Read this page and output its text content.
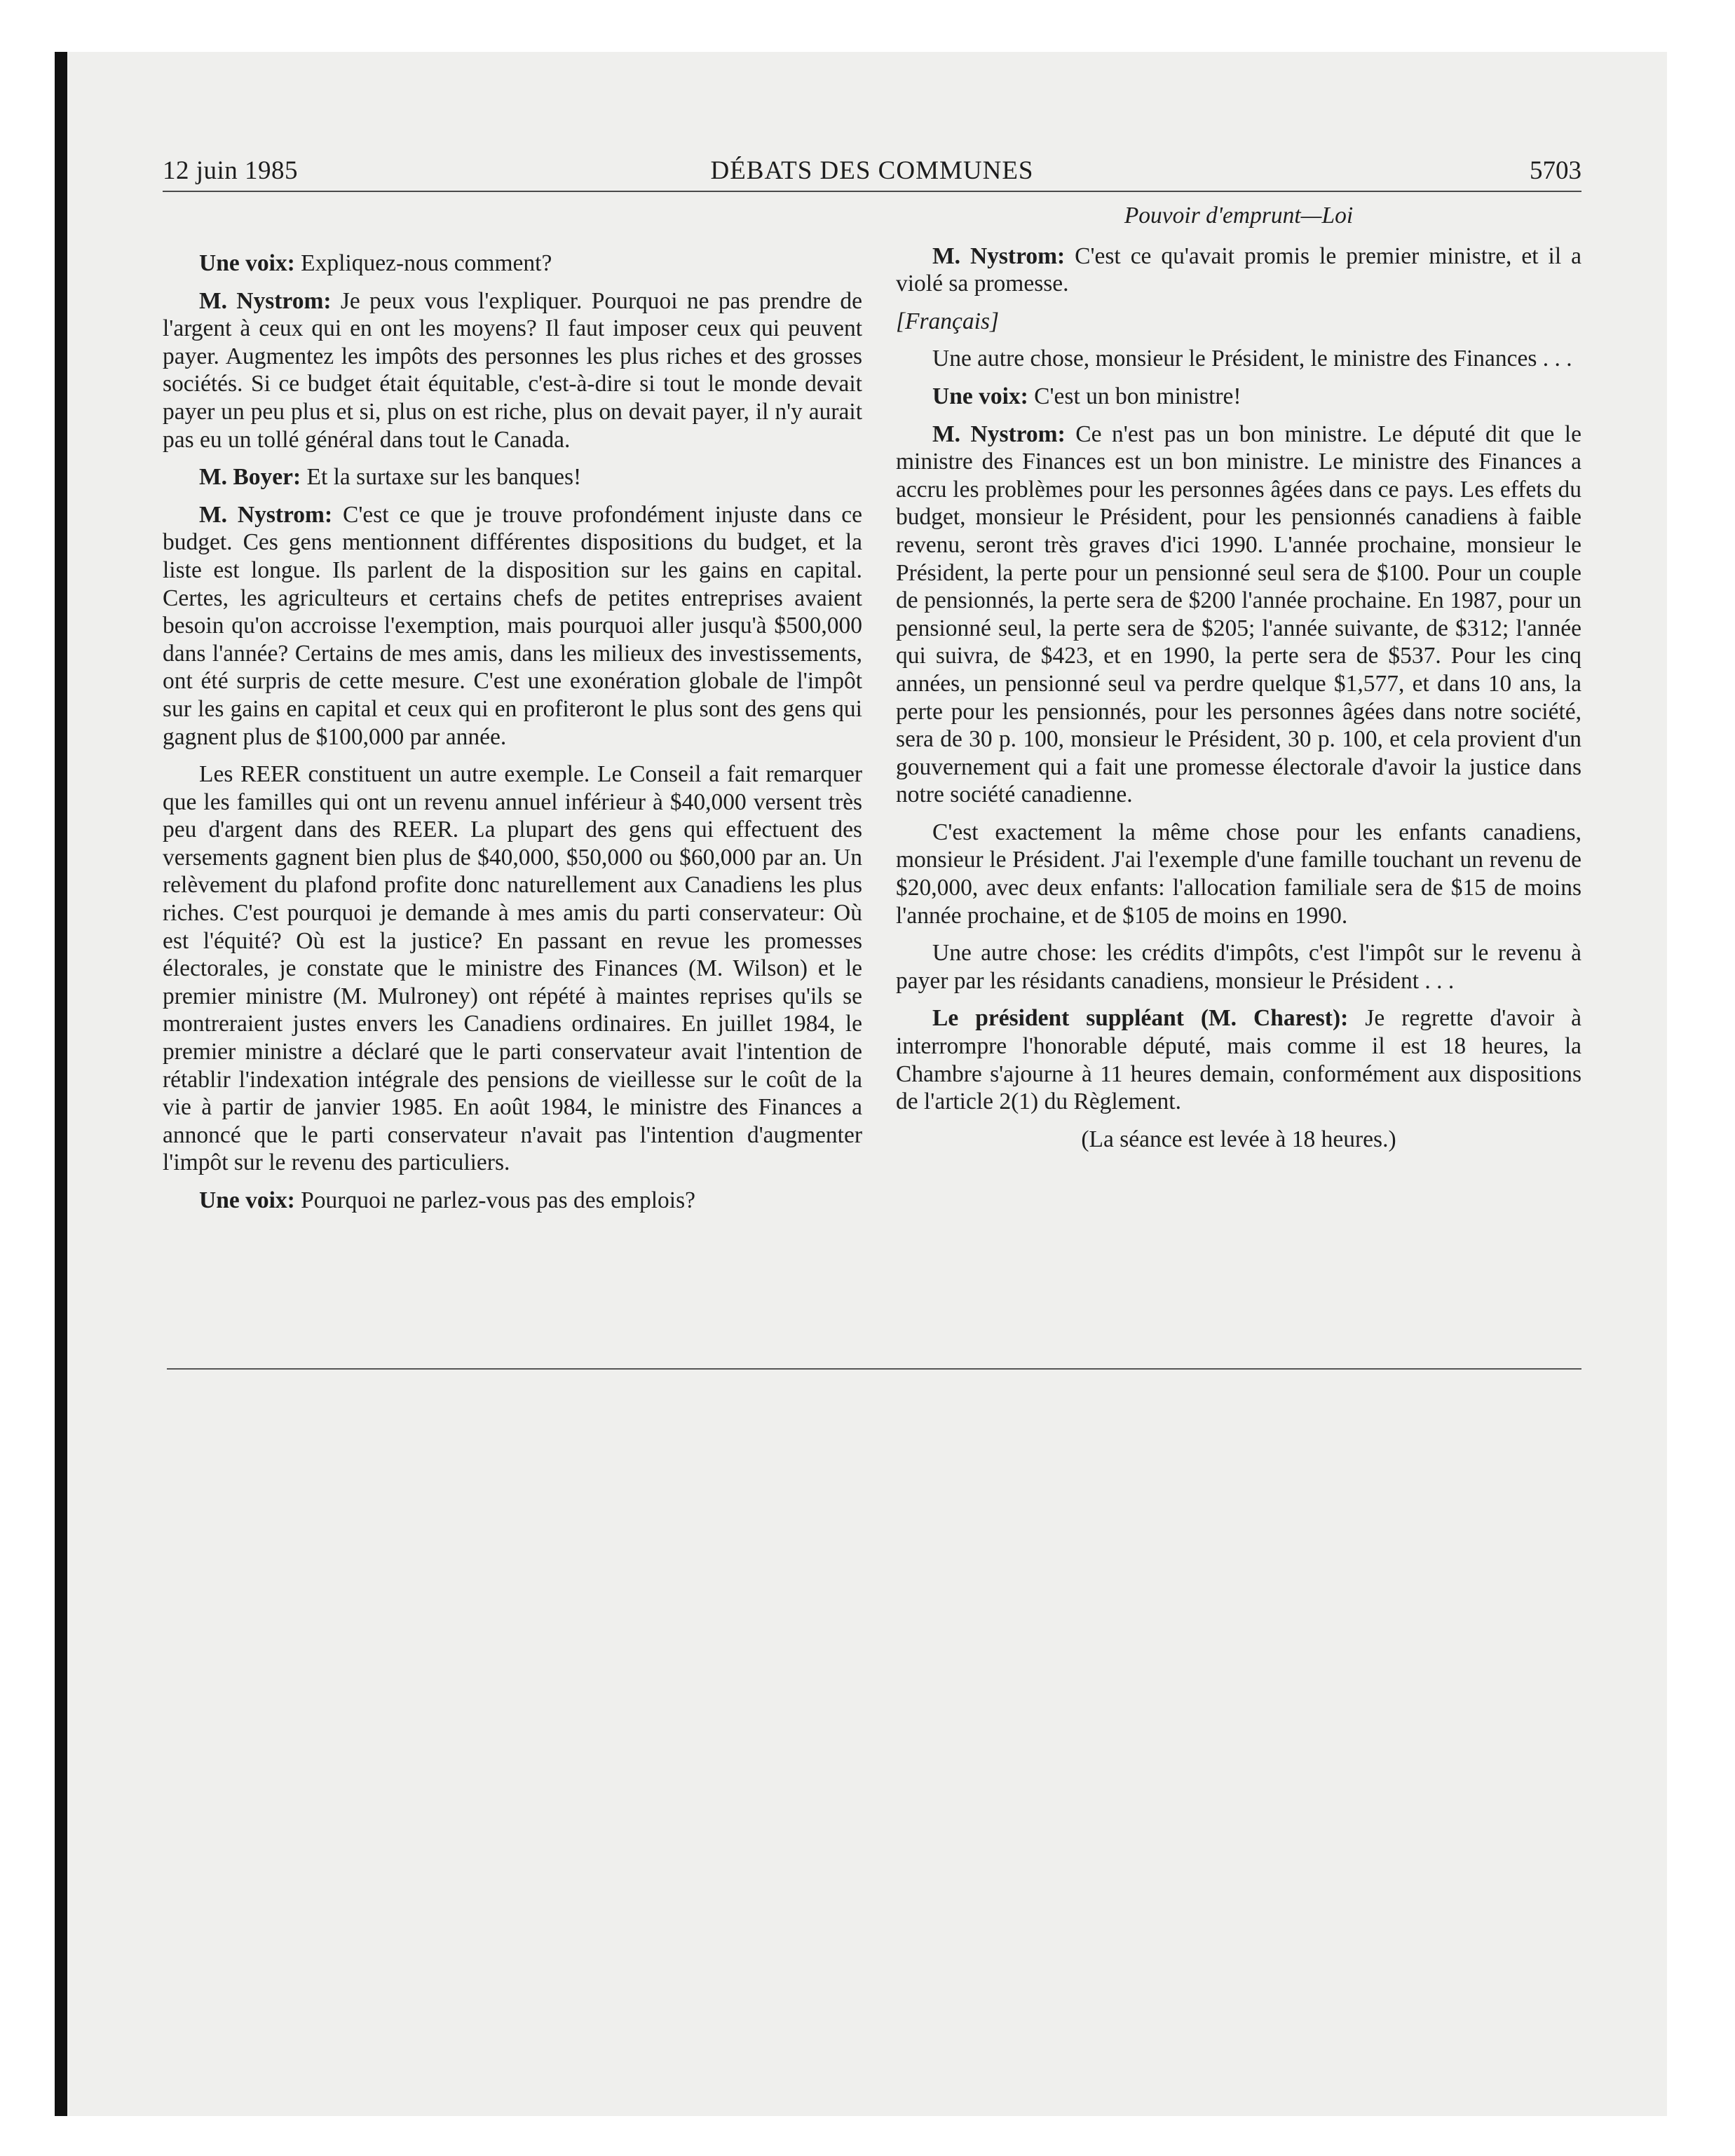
12 juin 1985	DÉBATS DES COMMUNES	5703

Une voix: Expliquez-nous comment?

M. Nystrom: Je peux vous l'expliquer. Pourquoi ne pas prendre de l'argent à ceux qui en ont les moyens? Il faut imposer ceux qui peuvent payer. Augmentez les impôts des personnes les plus riches et des grosses sociétés. Si ce budget était équitable, c'est-à-dire si tout le monde devait payer un peu plus et si, plus on est riche, plus on devait payer, il n'y aurait pas eu un tollé général dans tout le Canada.

M. Boyer: Et la surtaxe sur les banques!

M. Nystrom: C'est ce que je trouve profondément injuste dans ce budget. Ces gens mentionnent différentes dispositions du budget, et la liste est longue. Ils parlent de la disposition sur les gains en capital. Certes, les agriculteurs et certains chefs de petites entreprises avaient besoin qu'on accroisse l'exemption, mais pourquoi aller jusqu'à $500,000 dans l'année? Certains de mes amis, dans les milieux des investissements, ont été surpris de cette mesure. C'est une exonération globale de l'impôt sur les gains en capital et ceux qui en profiteront le plus sont des gens qui gagnent plus de $100,000 par année.

Les REER constituent un autre exemple. Le Conseil a fait remarquer que les familles qui ont un revenu annuel inférieur à $40,000 versent très peu d'argent dans des REER. La plupart des gens qui effectuent des versements gagnent bien plus de $40,000, $50,000 ou $60,000 par an. Un relèvement du plafond profite donc naturellement aux Canadiens les plus riches. C'est pourquoi je demande à mes amis du parti conservateur: Où est l'équité? Où est la justice? En passant en revue les promesses électorales, je constate que le ministre des Finances (M. Wilson) et le premier ministre (M. Mulroney) ont répété à maintes reprises qu'ils se montreraient justes envers les Canadiens ordinaires. En juillet 1984, le premier ministre a déclaré que le parti conservateur avait l'intention de rétablir l'indexation intégrale des pensions de vieillesse sur le coût de la vie à partir de janvier 1985. En août 1984, le ministre des Finances a annoncé que le parti conservateur n'avait pas l'intention d'augmenter l'impôt sur le revenu des particuliers.

Une voix: Pourquoi ne parlez-vous pas des emplois?

Pouvoir d'emprunt—Loi

M. Nystrom: C'est ce qu'avait promis le premier ministre, et il a violé sa promesse.

[Français]

Une autre chose, monsieur le Président, le ministre des Finances . . .

Une voix: C'est un bon ministre!

M. Nystrom: Ce n'est pas un bon ministre. Le député dit que le ministre des Finances est un bon ministre. Le ministre des Finances a accru les problèmes pour les personnes âgées dans ce pays. Les effets du budget, monsieur le Président, pour les pensionnés canadiens à faible revenu, seront très graves d'ici 1990. L'année prochaine, monsieur le Président, la perte pour un pensionné seul sera de $100. Pour un couple de pensionnés, la perte sera de $200 l'année prochaine. En 1987, pour un pensionné seul, la perte sera de $205; l'année suivante, de $312; l'année qui suivra, de $423, et en 1990, la perte sera de $537. Pour les cinq années, un pensionné seul va perdre quelque $1,577, et dans 10 ans, la perte pour les pensionnés, pour les personnes âgées dans notre société, sera de 30 p. 100, monsieur le Président, 30 p. 100, et cela provient d'un gouvernement qui a fait une promesse électorale d'avoir la justice dans notre société canadienne.

C'est exactement la même chose pour les enfants canadiens, monsieur le Président. J'ai l'exemple d'une famille touchant un revenu de $20,000, avec deux enfants: l'allocation familiale sera de $15 de moins l'année prochaine, et de $105 de moins en 1990.

Une autre chose: les crédits d'impôts, c'est l'impôt sur le revenu à payer par les résidants canadiens, monsieur le Président . . .

Le président suppléant (M. Charest): Je regrette d'avoir à interrompre l'honorable député, mais comme il est 18 heures, la Chambre s'ajourne à 11 heures demain, conformément aux dispositions de l'article 2(1) du Règlement.

(La séance est levée à 18 heures.)
